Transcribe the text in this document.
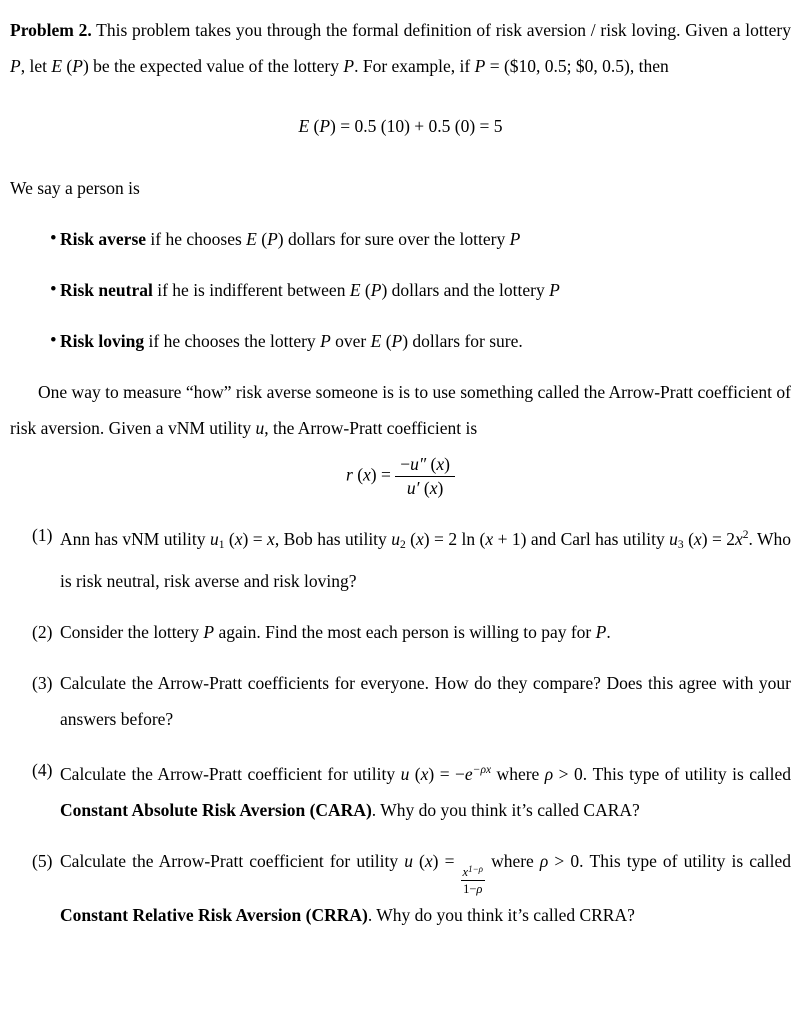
Problem 2. This problem takes you through the formal definition of risk aversion / risk loving. Given a lottery P, let E (P) be the expected value of the lottery P. For example, if P = ($10, 0.5; $0, 0.5), then

E (P) = 0.5 (10) + 0.5 (0) = 5

We say a person is

• Risk averse if he chooses E (P) dollars for sure over the lottery P
• Risk neutral if he is indifferent between E (P) dollars and the lottery P
• Risk loving if he chooses the lottery P over E (P) dollars for sure.

One way to measure “how” risk averse someone is is to use something called the Arrow-Pratt coefficient of risk aversion. Given a vNM utility u, the Arrow-Pratt coefficient is

r $(x) = \frac{-u'' (x)}{u' (x)}$
(1) Ann has vNM utility u1 (x) = x, Bob has utility u2 (x) = 2 ln (x + 1) and Carl has utility u3 $(x) = 2x^2$. Who is risk neutral, risk averse and risk loving?
(2) Consider the lottery P again. Find the most each person is willing to pay for P.
(3) Calculate the Arrow-Pratt coefficients for everyone. How do they compare? Does this agree with your answers before?
(4) Calculate the Arrow-Pratt coefficient for utility u $(x) = -e^{-\rho x}$ where ρ > 0. This type of utility is called Constant Absolute Risk Aversion (CARA). Why do you think it’s called CARA?
(5) Calculate the Arrow-Pratt coefficient for utility u (x) =
$\frac{x^{1-\rho}}{1-\rho}$
where ρ > 0. This type of utility is called Constant Relative Risk Aversion (CRRA). Why do you think it’s called CRRA?
